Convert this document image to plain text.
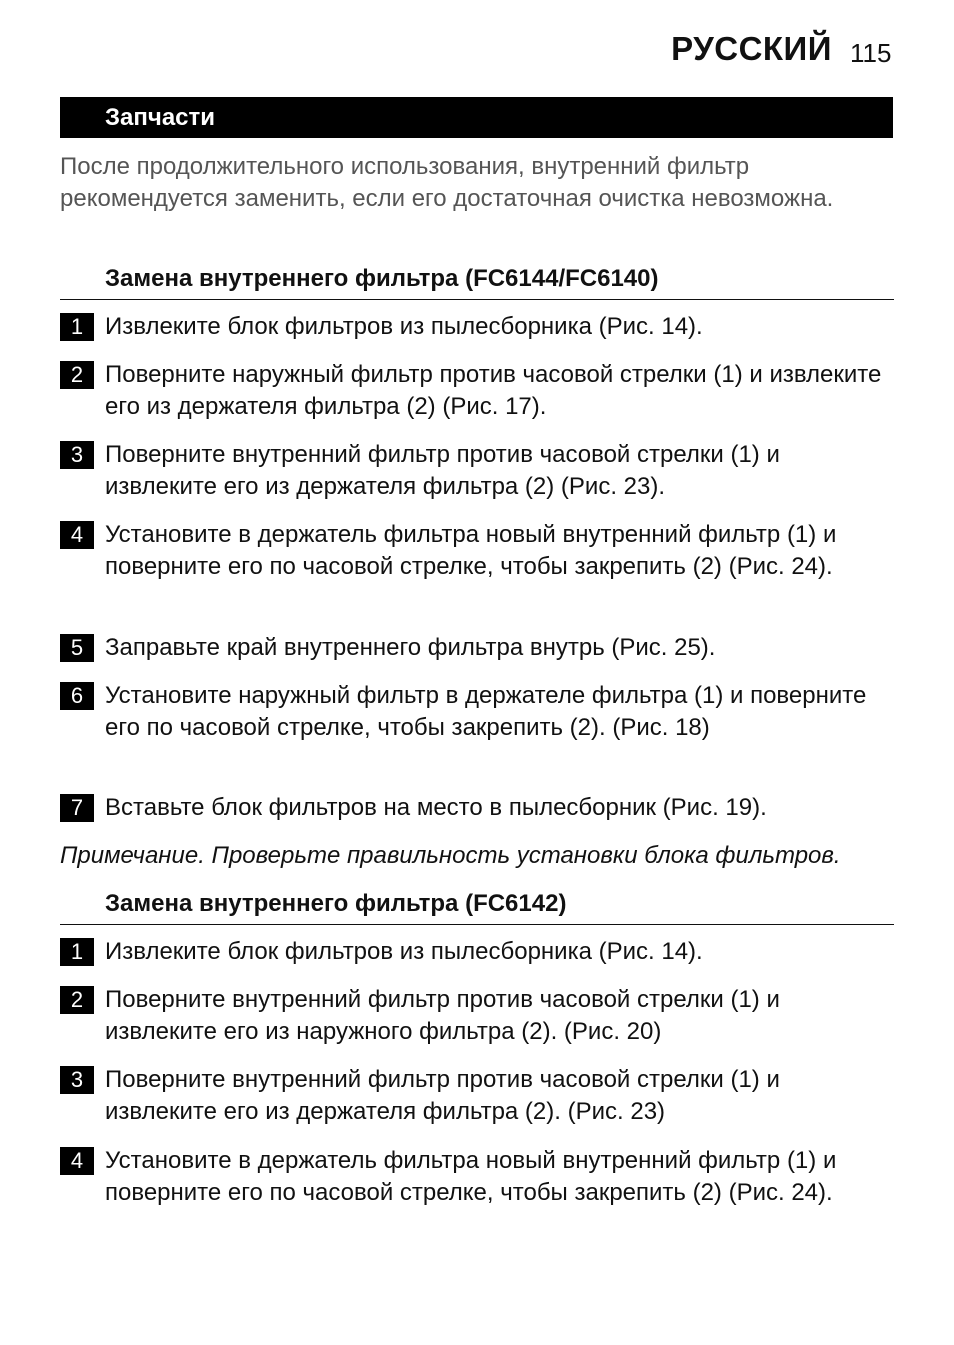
РУССКИЙ 115
Запчасти
После продолжительного использования, внутренний фильтр рекомендуется заменить, если его достаточная очистка невозможна.
Замена внутреннего фильтра (FC6144/FC6140)
1 Извлеките блок фильтров из пылесборника (Рис. 14).
2 Поверните наружный фильтр против часовой стрелки (1) и извлеките его из держателя фильтра (2) (Рис. 17).
3 Поверните внутренний фильтр против часовой стрелки (1) и извлеките его из держателя фильтра (2) (Рис. 23).
4 Установите в держатель фильтра новый внутренний фильтр (1) и поверните его по часовой стрелке, чтобы закрепить (2) (Рис. 24).
5 Заправьте край внутреннего фильтра внутрь (Рис. 25).
6 Установите наружный фильтр в держателе фильтра (1) и поверните его по часовой стрелке, чтобы закрепить (2). (Рис. 18)
7 Вставьте блок фильтров на место в пылесборник (Рис. 19).
Примечание. Проверьте правильность установки блока фильтров.
Замена внутреннего фильтра (FC6142)
1 Извлеките блок фильтров из пылесборника (Рис. 14).
2 Поверните внутренний фильтр против часовой стрелки (1) и извлеките его из наружного фильтра (2). (Рис. 20)
3 Поверните внутренний фильтр против часовой стрелки (1) и извлеките его из держателя фильтра (2). (Рис. 23)
4 Установите в держатель фильтра новый внутренний фильтр (1) и поверните его по часовой стрелке, чтобы закрепить (2) (Рис. 24).
